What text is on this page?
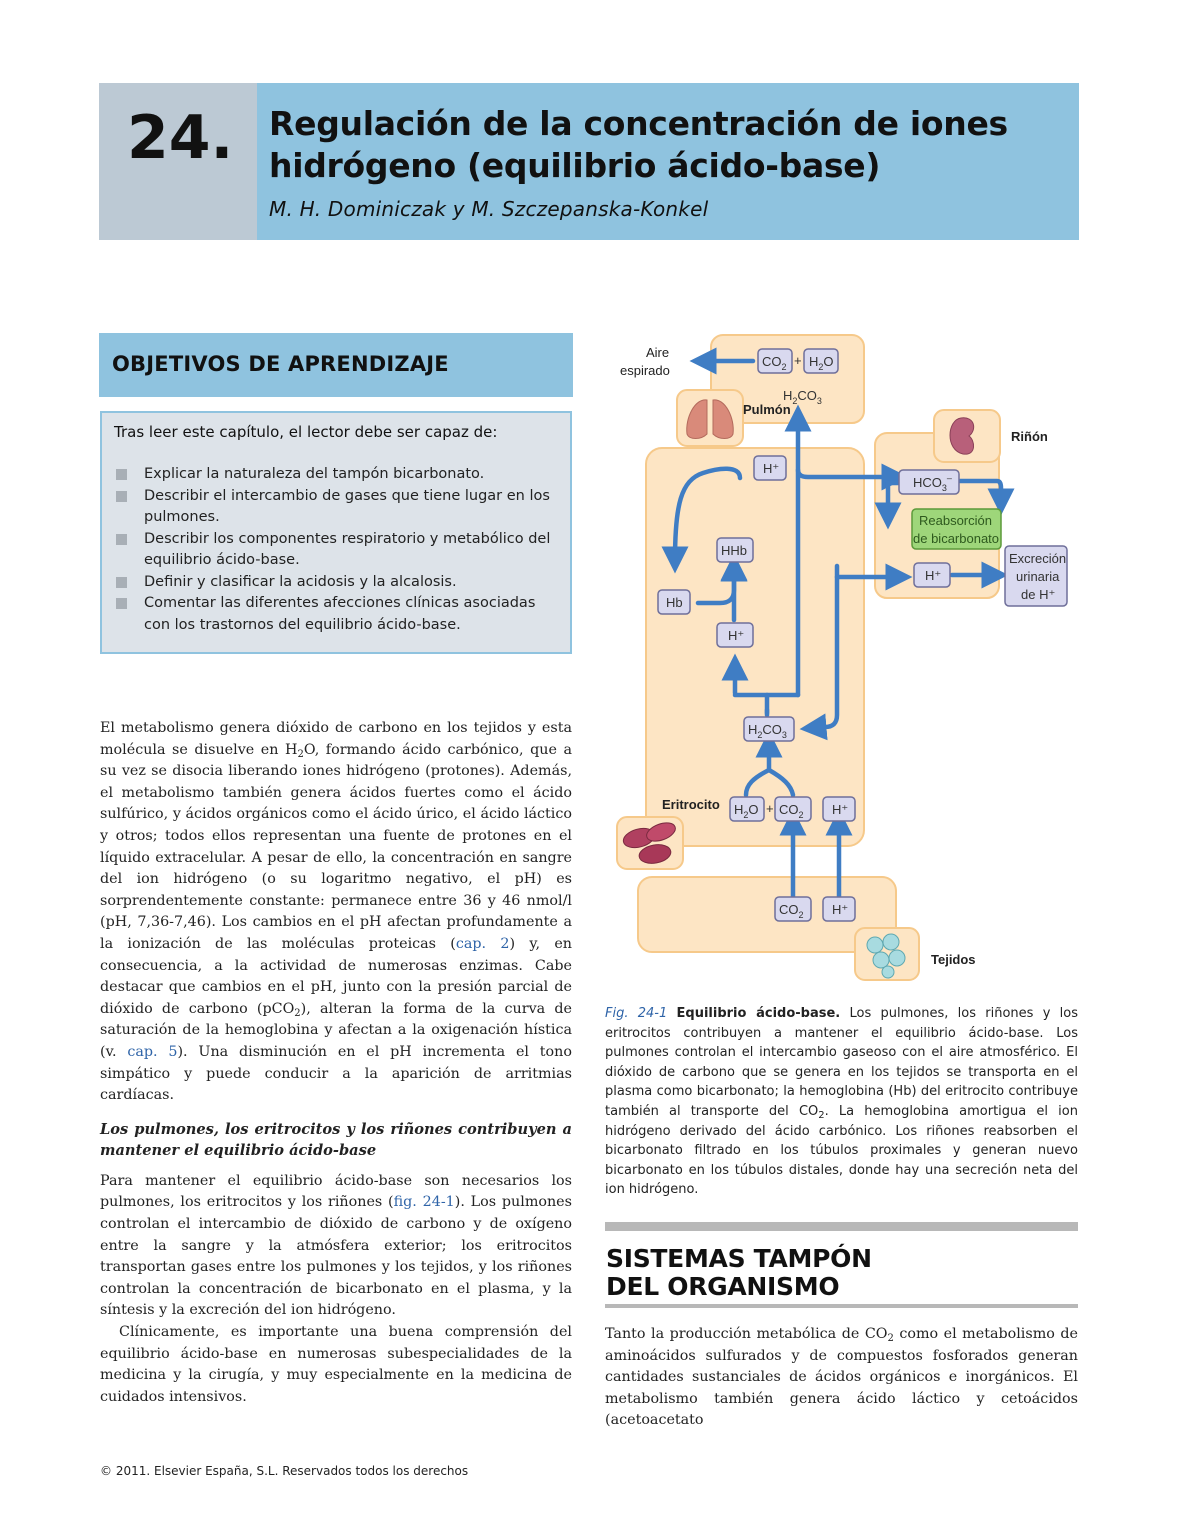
24.	Regulación de la concentración de iones
hidrógeno (equilibrio ácido-base)
M. H. Dominiczak y M. Szczepanska-Konkel
OBJETIVOS DE APRENDIZAJE

Tras leer este capítulo, el lector debe ser capaz de:

Explicar la naturaleza del tampón bicarbonato.
Describir el intercambio de gases que tiene lugar en los pulmones.
Describir los componentes respiratorio y metabólico del equilibrio ácido-base.
Definir y clasificar la acidosis y la alcalosis.
Comentar las diferentes afecciones clínicas asociadas con los trastornos del equilibrio ácido-base.

El metabolismo genera dióxido de carbono en los tejidos y esta molécula se disuelve en $H_2O$, formando ácido carbónico, que a su vez se disocia liberando iones hidrógeno (protones). Además, el metabolismo también genera ácidos fuertes como el ácido sulfúrico, y ácidos orgánicos como el ácido úrico, el ácido láctico y otros; todos ellos representan una fuente de protones en el líquido extracelular. A pesar de ello, la concentración en sangre del ion hidrógeno (o su logaritmo negativo, el pH) es sorprendentemente constante: permanece entre 36 y 46 nmol/l (pH, 7,36-7,46). Los cambios en el pH afectan profundamente a la ionización de las moléculas proteicas (cap. 2) y, en consecuencia, a la actividad de numerosas enzimas. Cabe destacar que cambios en el pH, junto con la presión parcial de dióxido de carbono (pCO$_2$), alteran la forma de la curva de saturación de la hemoglobina y afectan a la oxigenación hística (v. cap. 5). Una disminución en el pH incrementa el tono simpático y puede conducir a la aparición de arritmias cardíacas.

Los pulmones, los eritrocitos y los riñones contribuyen a mantener el equilibrio ácido-base

Para mantener el equilibrio ácido-base son necesarios los pulmones, los eritrocitos y los riñones (fig. 24-1). Los pulmones controlan el intercambio de dióxido de carbono y de oxígeno entre la sangre y la atmósfera exterior; los eritrocitos transportan gases entre los pulmones y los tejidos, y los riñones controlan la concentración de bicarbonato en el plasma, y la síntesis y la excreción del ion hidrógeno.

Clínicamente, es importante una buena comprensión del equilibrio ácido-base en numerosas subespecialidades de la medicina y la cirugía, y muy especialmente en la medicina de cuidados intensivos.

Aire
espirado
Pulmón
Riñón
Eritrocito
Tejidos
$CO_2 + H_2O$
$H_2CO_3$
H⁺
HHb
Hb
H⁺
$H_2CO_3$
$H_2O + CO_2$ H⁺
$HCO_3^-$
Reabsorción
de bicarbonato
H⁺
Excreción
urinaria
de H⁺
$CO_2$ H⁺
Fig. 24-1 Equilibrio ácido-base. Los pulmones, los riñones y los eritrocitos contribuyen a mantener el equilibrio ácido-base. Los pulmones controlan el intercambio gaseoso con el aire atmosférico. El dióxido de carbono que se genera en los tejidos se transporta en el plasma como bicarbonato; la hemoglobina (Hb) del eritrocito contribuye también al transporte del $CO_2$. La hemoglobina amortigua el ion hidrógeno derivado del ácido carbónico. Los riñones reabsorben el bicarbonato filtrado en los túbulos proximales y generan nuevo bicarbonato en los túbulos distales, donde hay una secreción neta del ion hidrógeno.
SISTEMAS TAMPÓN
DEL ORGANISMO
Tanto la producción metabólica de $CO_2$ como el metabolismo de aminoácidos sulfurados y de compuestos fosforados generan cantidades sustanciales de ácidos orgánicos e inorgánicos. El metabolismo también genera ácido láctico y cetoácidos (acetoacetato
© 2011. Elsevier España, S.L. Reservados todos los derechos
